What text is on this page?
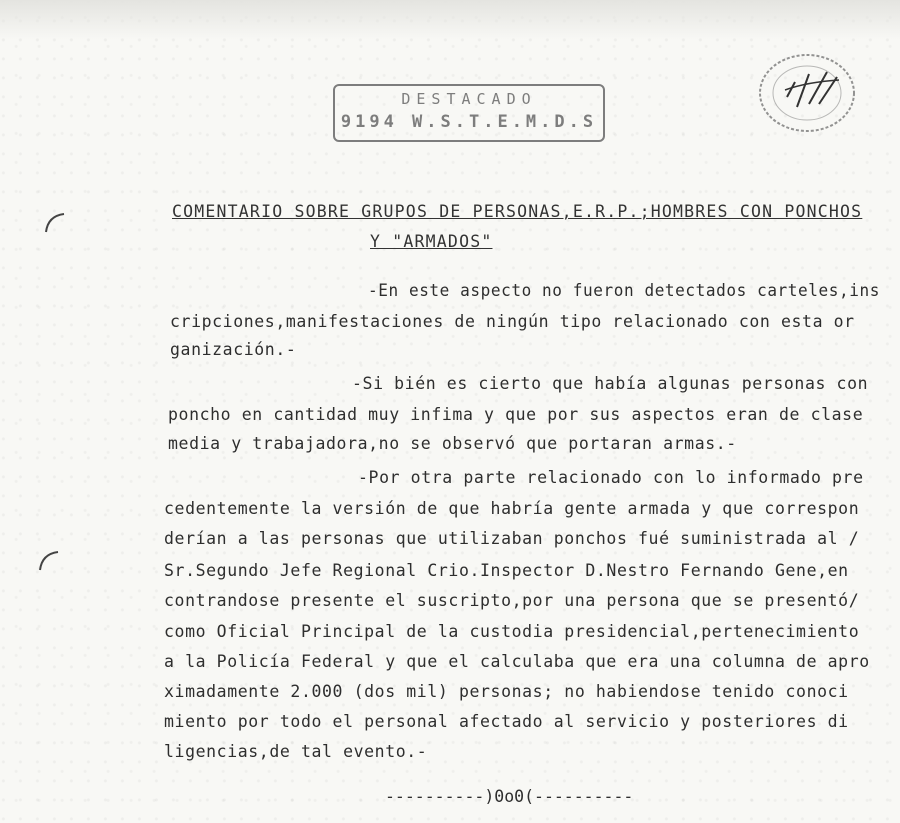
DESTACADO
9194 W.S.T.E.M.D.S
COMENTARIO SOBRE GRUPOS DE PERSONAS,E.R.P.;HOMBRES CON PONCHOS
Y "ARMADOS"
-En este aspecto no fueron detectados carteles,ins
cripciones,manifestaciones de ningún tipo relacionado con esta or
ganización.-
-Si bién es cierto que había algunas personas con
poncho en cantidad muy infima y que por sus aspectos eran de clase
media y trabajadora,no se observó que portaran armas.-
-Por otra parte relacionado con lo informado pre
cedentemente la versión de que habría gente armada y que correspon
derían a las personas que utilizaban ponchos fué suministrada al /
Sr.Segundo Jefe Regional Crio.Inspector D.Nestro Fernando Gene,en
contrandose presente el suscripto,por una persona que se presentó/
como Oficial Principal de la custodia presidencial,pertenecimiento
a la Policía Federal y que el calculaba que era una columna de apro
ximadamente 2.000 (dos mil) personas; no habiendose tenido conoci
miento por todo el personal afectado al servicio y posteriores di
ligencias,de tal evento.-
----------)0o0(----------
